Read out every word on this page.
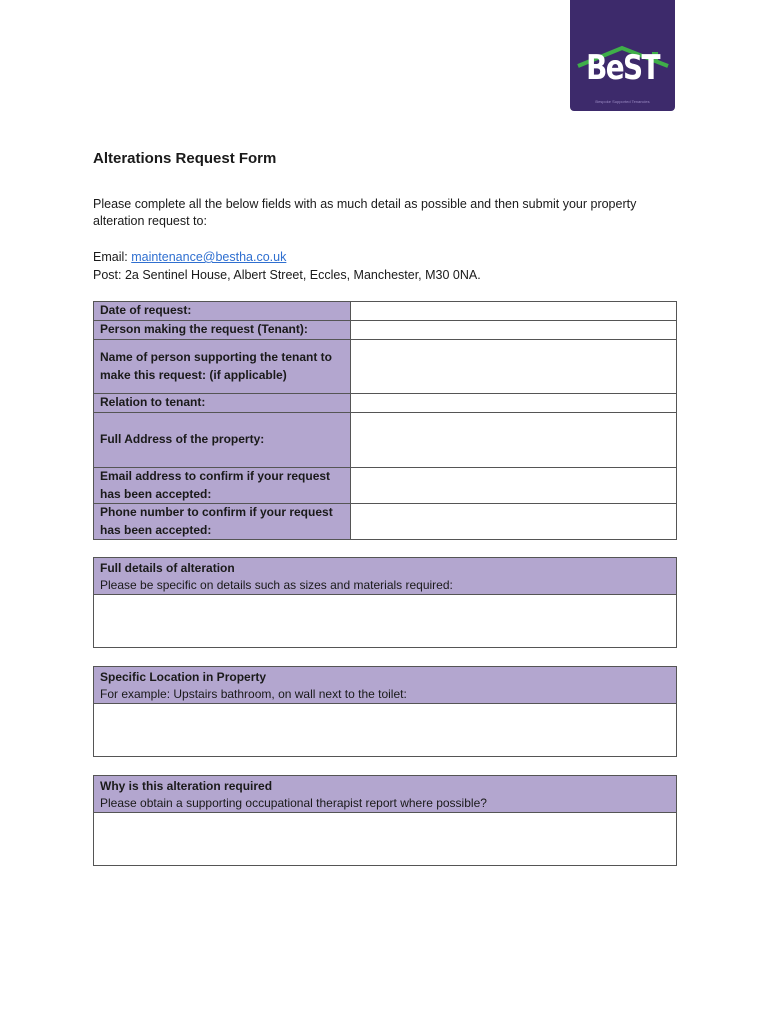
BeST
Bespoke Supported Tenancies
Alterations Request Form
Please complete all the below fields with as much detail as possible and then submit your property alteration request to:
Email: maintenance@bestha.co.uk
Post: 2a Sentinel House, Albert Street, Eccles, Manchester, M30 0NA.
Date of request:	
Person making the request (Tenant):	
Name of person supporting the tenant to make this request: (if applicable)	
Relation to tenant:	
Full Address of the property:	
Email address to confirm if your request has been accepted:	
Phone number to confirm if your request has been accepted:	
Full details of alteration
Please be specific on details such as sizes and materials required:
Specific Location in Property
For example: Upstairs bathroom, on wall next to the toilet:
Why is this alteration required
Please obtain a supporting occupational therapist report where possible?
